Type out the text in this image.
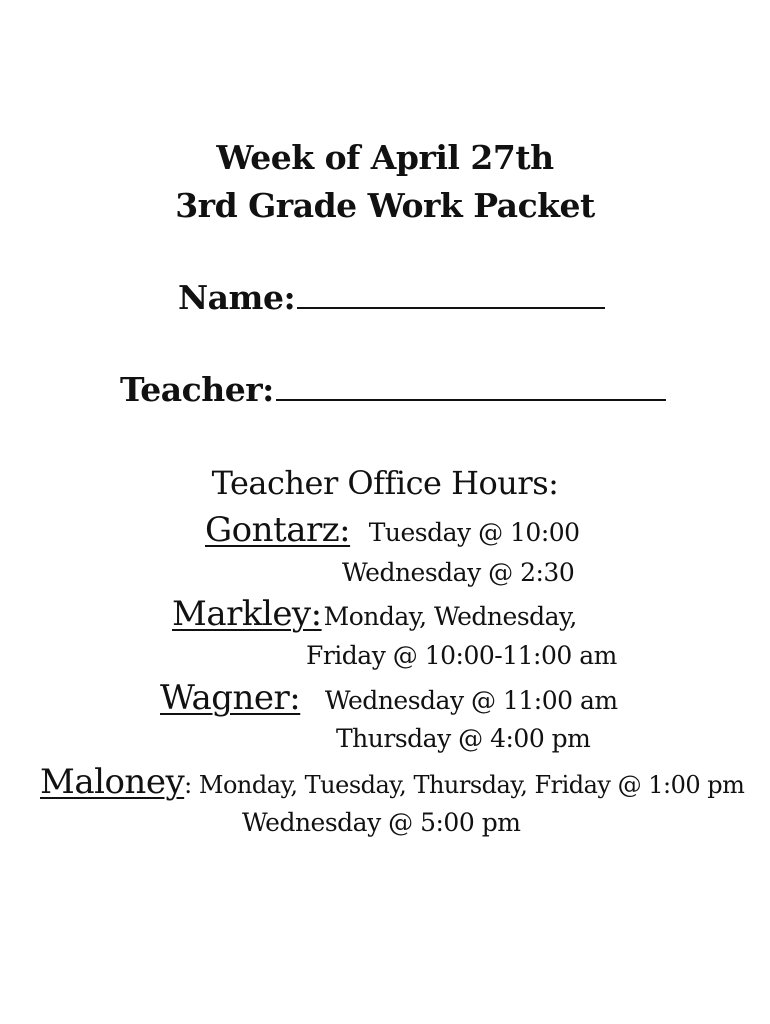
Week of April 27th
3rd Grade Work Packet
Name:
Teacher:
Teacher Office Hours:
Gontarz: Tuesday @ 10:00
Wednesday @ 2:30
Markley:Monday, Wednesday,
Friday @ 10:00-11:00 am
Wagner: Wednesday @ 11:00 am
Thursday @ 4:00 pm
Maloney: Monday, Tuesday, Thursday, Friday @ 1:00 pm
Wednesday @ 5:00 pm
